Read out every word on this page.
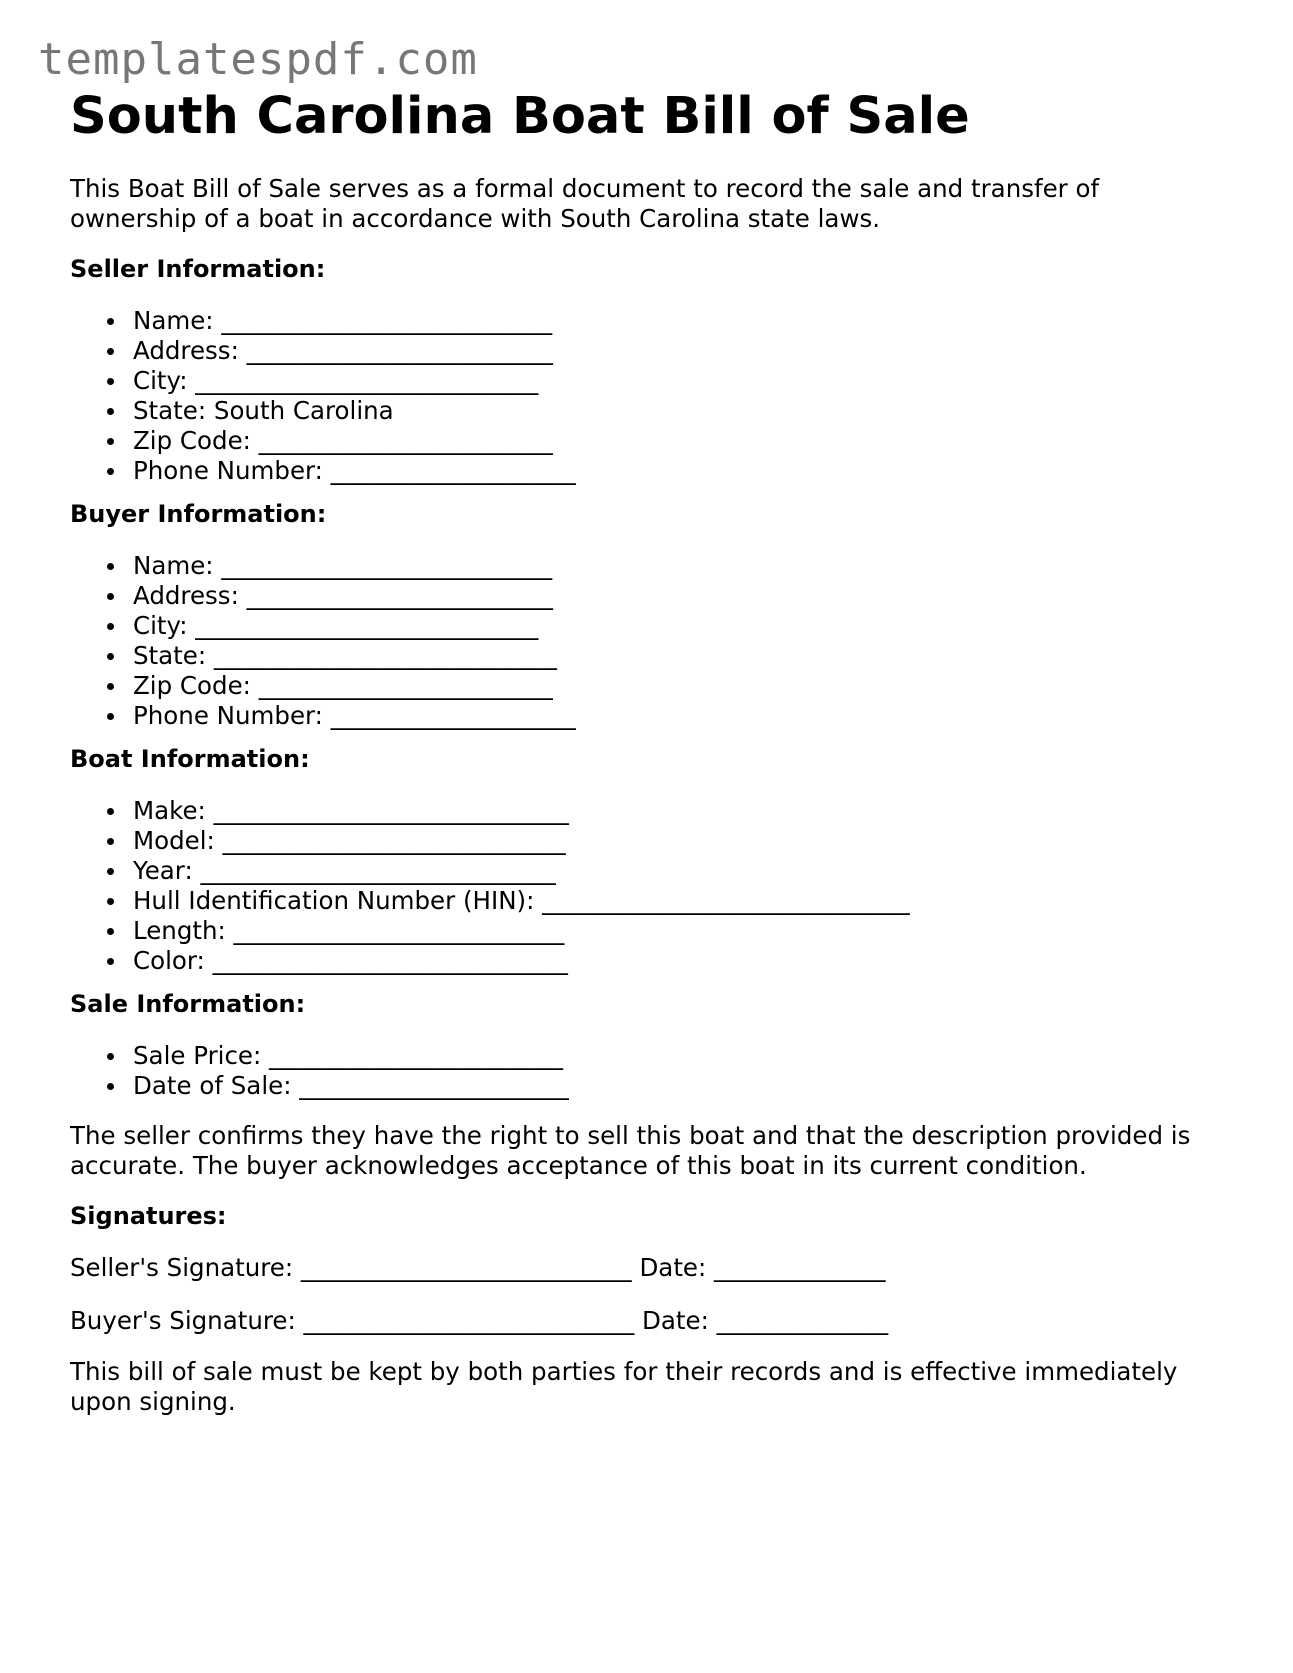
templatespdf.com
South Carolina Boat Bill of Sale

This Boat Bill of Sale serves as a formal document to record the sale and transfer of ownership of a boat in accordance with South Carolina state laws.

Seller Information:
Name: ___________________________
Address: _________________________
City: ____________________________
State: South Carolina
Zip Code: ________________________
Phone Number: ____________________
Buyer Information:
Name: ___________________________
Address: _________________________
City: ____________________________
State: ____________________________
Zip Code: ________________________
Phone Number: ____________________
Boat Information:
Make: _____________________________
Model: ____________________________
Year: _____________________________
Hull Identification Number (HIN): ______________________________
Length: ___________________________
Color: _____________________________
Sale Information:
Sale Price: ________________________
Date of Sale: ______________________

The seller confirms they have the right to sell this boat and that the description provided is accurate. The buyer acknowledges acceptance of this boat in its current condition.

Signatures:

Seller's Signature: ___________________________ Date: ______________

Buyer's Signature: ___________________________ Date: ______________

This bill of sale must be kept by both parties for their records and is effective immediately upon signing.
